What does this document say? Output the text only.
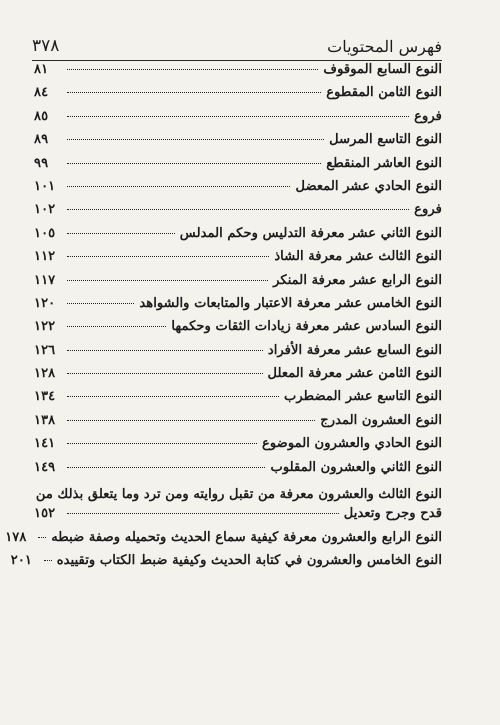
فهرس المحتويات
٣٧٨
النوع السابع الموقوف
٨١
النوع الثامن المقطوع
٨٤
فروع
٨٥
النوع التاسع المرسل
٨٩
النوع العاشر المنقطع
٩٩
النوع الحادي عشر المعضل
١٠١
فروع
١٠٢
النوع الثاني عشر معرفة التدليس وحكم المدلس
١٠٥
النوع الثالث عشر معرفة الشاذ
١١٢
النوع الرابع عشر معرفة المنكر
١١٧
النوع الخامس عشر معرفة الاعتبار والمتابعات والشواهد
١٢٠
النوع السادس عشر معرفة زيادات الثقات وحكمها
١٢٢
النوع السابع عشر معرفة الأفراد
١٢٦
النوع الثامن عشر معرفة المعلل
١٢٨
النوع التاسع عشر المضطرب
١٣٤
النوع العشرون المدرج
١٣٨
النوع الحادي والعشرون الموضوع
١٤١
النوع الثاني والعشرون المقلوب
١٤٩
النوع الثالث والعشرون معرفة من تقبل روايته ومن ترد وما يتعلق بذلك من
قدح وجرح وتعديل
١٥٢
النوع الرابع والعشرون معرفة كيفية سماع الحديث وتحميله وصفة ضبطه
١٧٨
النوع الخامس والعشرون في كتابة الحديث وكيفية ضبط الكتاب وتقييده
٢٠١
